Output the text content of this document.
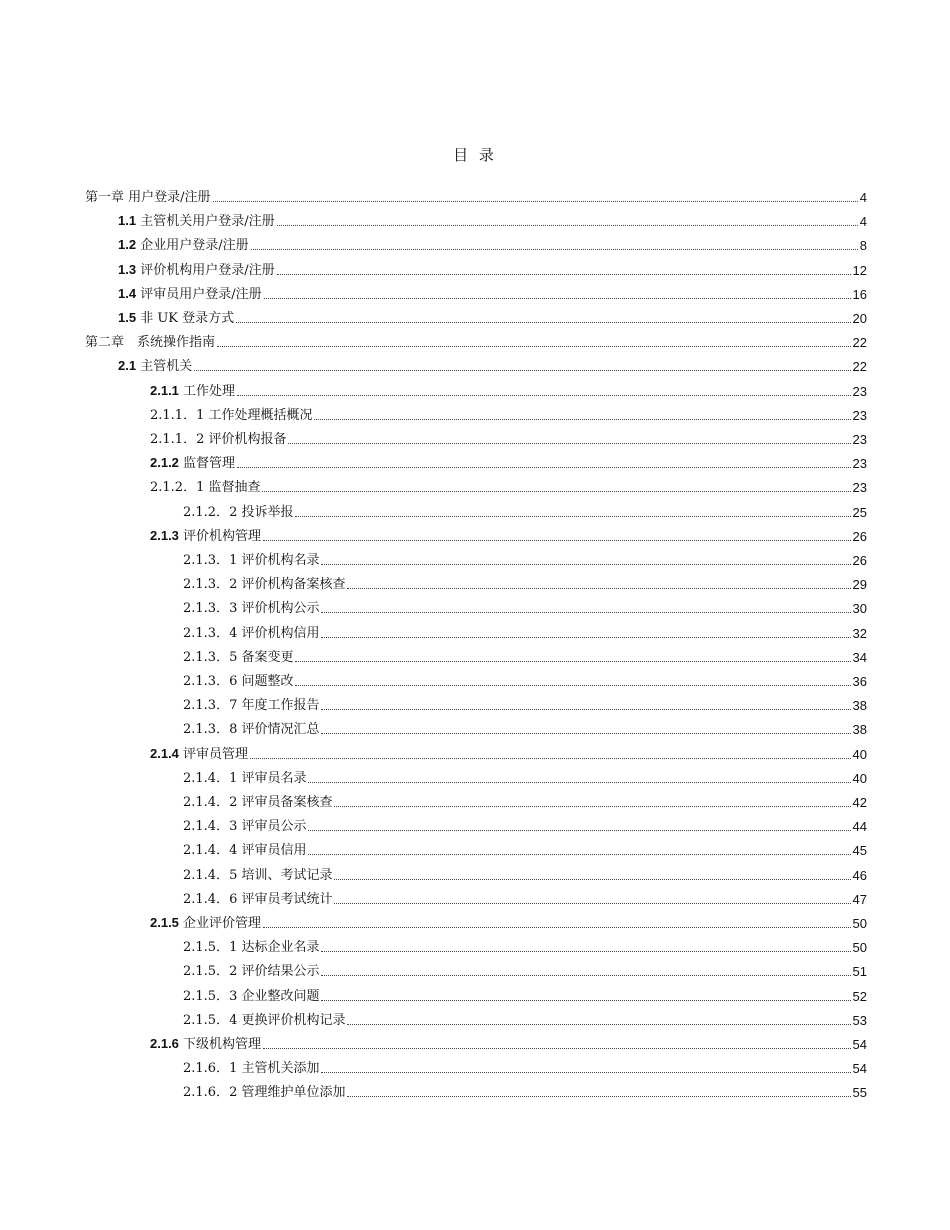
目 录
第一章 用户登录/注册	4
1.1 主管机关用户登录/注册	4
1.2 企业用户登录/注册	8
1.3 评价机构用户登录/注册	12
1.4 评审员用户登录/注册	16
1.5 非 UK 登录方式	20
第二章　系统操作指南	22
2.1 主管机关	22
2.1.1 工作处理	23
2.1.1．1 工作处理概括概况	23
2.1.1．2 评价机构报备	23
2.1.2 监督管理	23
2.1.2．1 监督抽查	23
2.1.2．2 投诉举报	25
2.1.3 评价机构管理	26
2.1.3．1 评价机构名录	26
2.1.3．2 评价机构备案核查	29
2.1.3．3 评价机构公示	30
2.1.3．4 评价机构信用	32
2.1.3．5 备案变更	34
2.1.3．6 问题整改	36
2.1.3．7 年度工作报告	38
2.1.3．8 评价情况汇总	38
2.1.4 评审员管理	40
2.1.4．1 评审员名录	40
2.1.4．2 评审员备案核查	42
2.1.4．3 评审员公示	44
2.1.4．4 评审员信用	45
2.1.4．5 培训、考试记录	46
2.1.4．6 评审员考试统计	47
2.1.5 企业评价管理	50
2.1.5．1 达标企业名录	50
2.1.5．2 评价结果公示	51
2.1.5．3 企业整改问题	52
2.1.5．4 更换评价机构记录	53
2.1.6 下级机构管理	54
2.1.6．1 主管机关添加	54
2.1.6．2 管理维护单位添加	55
